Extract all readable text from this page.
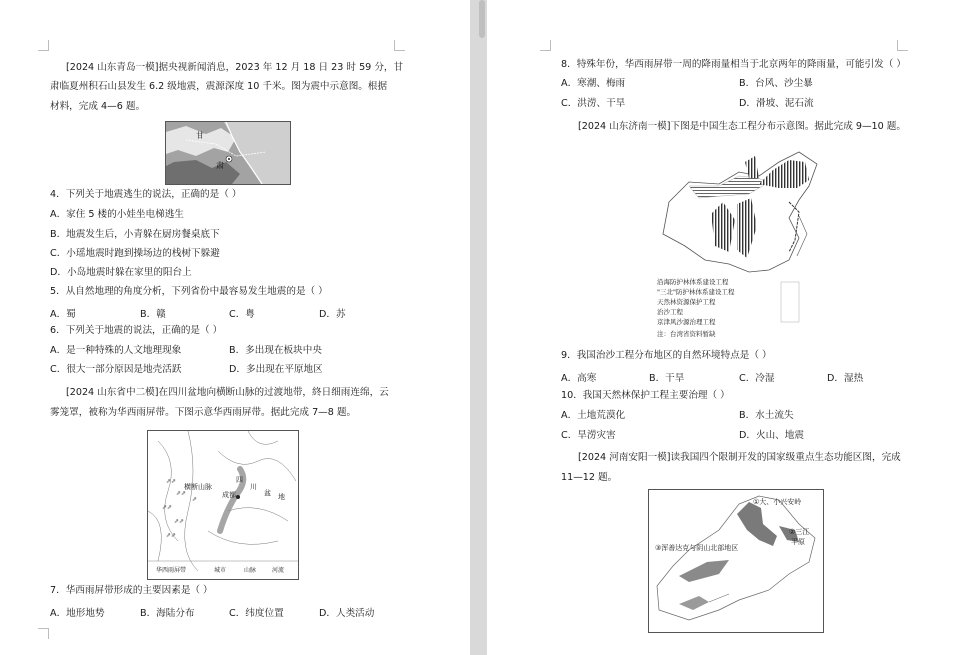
[2024 山东青岛一模]据央视新闻消息，2023 年 12 月 18 日 23 时 59 分，甘
肃临夏州积石山县发生 6.2 级地震，震源深度 10 千米。图为震中示意图。根据
材料，完成 4—6 题。
甘
肃
4．下列关于地震逃生的说法，正确的是（ ）
A．家住 5 楼的小娃坐电梯逃生
B．地震发生后，小青躲在厨房餐桌底下
C．小瑶地震时跑到操场边的栈树下躲避
D．小岛地震时躲在家里的阳台上
5．从自然地理的角度分析，下列省份中最容易发生地震的是（ ）
A．蜀	B．赣	C．粤	D．苏
6．下列关于地震的说法，正确的是（ ）
A．是一种特殊的人文地理现象	B．多出现在板块中央
C．很大一部分原因是地壳活跃	D．多出现在平原地区
[2024 山东省中二模]在四川盆地向横断山脉的过渡地带，終日细雨连绵，云
雾笼罩，被称为华西雨屏带。下图示意华西雨屏带。据此完成 7—8 题。
⇗⇗
⇗⇗
⇗⇗
⇗⇗
⇗⇗
⇗
横断山脉
四
川
盆 地
成都
华西雨屏带	城市	山脉	河流
7．华西雨屏带形成的主要因素是（ ）
A．地形地势	B．海陆分布	C．纬度位置	D．人类活动
8．特殊年份，华西雨屏带一周的降雨量相当于北京两年的降雨量，可能引发（ ）
A．寒潮、梅雨	B．台风、沙尘暴
C．洪涝、干旱	D．滑坡、泥石流
[2024 山东济南一模]下图是中国生态工程分布示意图。据此完成 9—10 题。
沿海防护林体系建设工程
"三北"防护林体系建设工程
天然林资源保护工程
治沙工程
京津风沙源治理工程
注：台湾省资料暂缺
9．我国治沙工程分布地区的自然环境特点是（ ）
A．高寒	B．干旱	C．冷湿	D．湿热
10．我国天然林保护工程主要治理（ ）
A．土地荒漠化	B．水土流失
C．旱涝灾害	D．火山、地震
[2024 河南安阳一模]读我国四个限制开发的国家级重点生态功能区图，完成
11—12 题。
①大、小兴安岭
②三江
平原
③浑善达克与阴山北部地区
